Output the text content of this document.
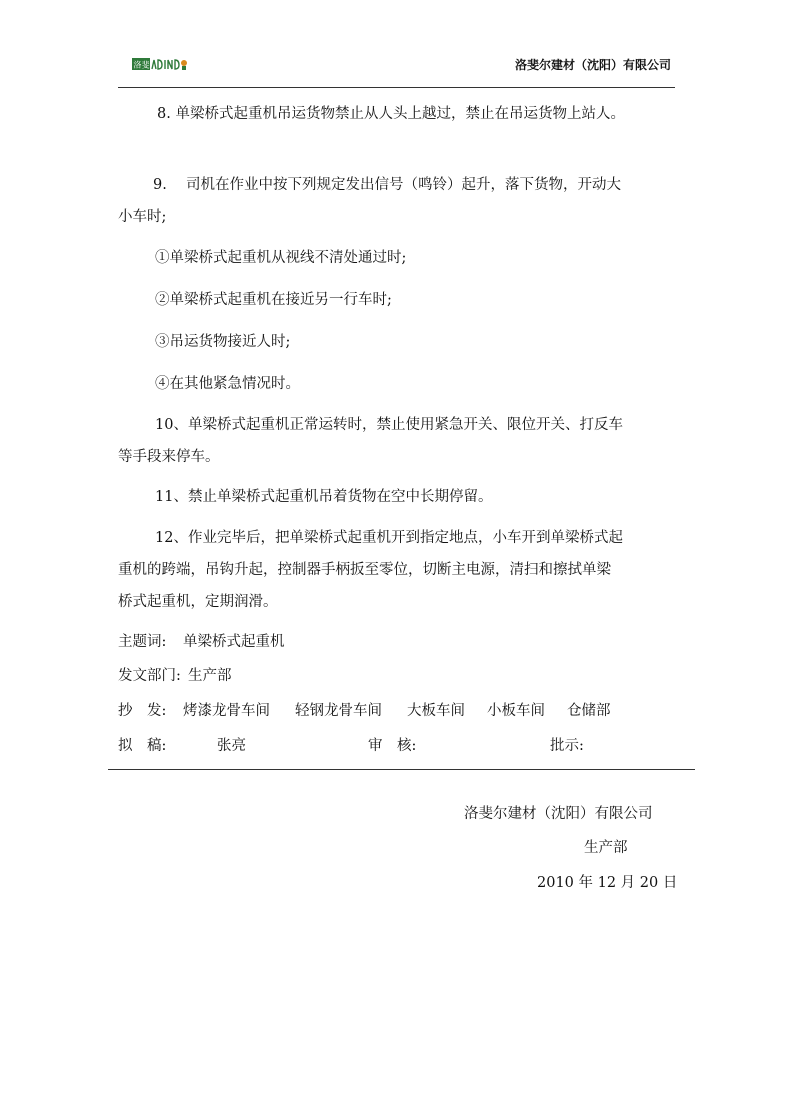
洛斐尔	洛斐尔建材（沈阳）有限公司
8. 单梁桥式起重机吊运货物禁止从人头上越过，禁止在吊运货物上站人。
9.　 司机在作业中按下列规定发出信号（鸣铃）起升，落下货物，开动大
小车时;
①单梁桥式起重机从视线不清处通过时;
②单梁桥式起重机在接近另一行车时;
③吊运货物接近人时;
④在其他紧急情况时。
10、单梁桥式起重机正常运转时，禁止使用紧急开关、限位开关、打反车
等手段来停车。
11、禁止单梁桥式起重机吊着货物在空中长期停留。
12、作业完毕后，把单梁桥式起重机开到指定地点，小车开到单梁桥式起
重机的跨端，吊钩升起，控制器手柄扳至零位，切断主电源，清扫和擦拭单梁
桥式起重机，定期润滑。
主题词: 单梁桥式起重机
发文部门: 生产部
抄　发: 烤漆龙骨车间 轻钢龙骨车间 大板车间 小板车间 仓储部
拟　稿:	张亮	审　核:	批示:
洛斐尔建材（沈阳）有限公司
生产部
2010 年 12 月 20 日
